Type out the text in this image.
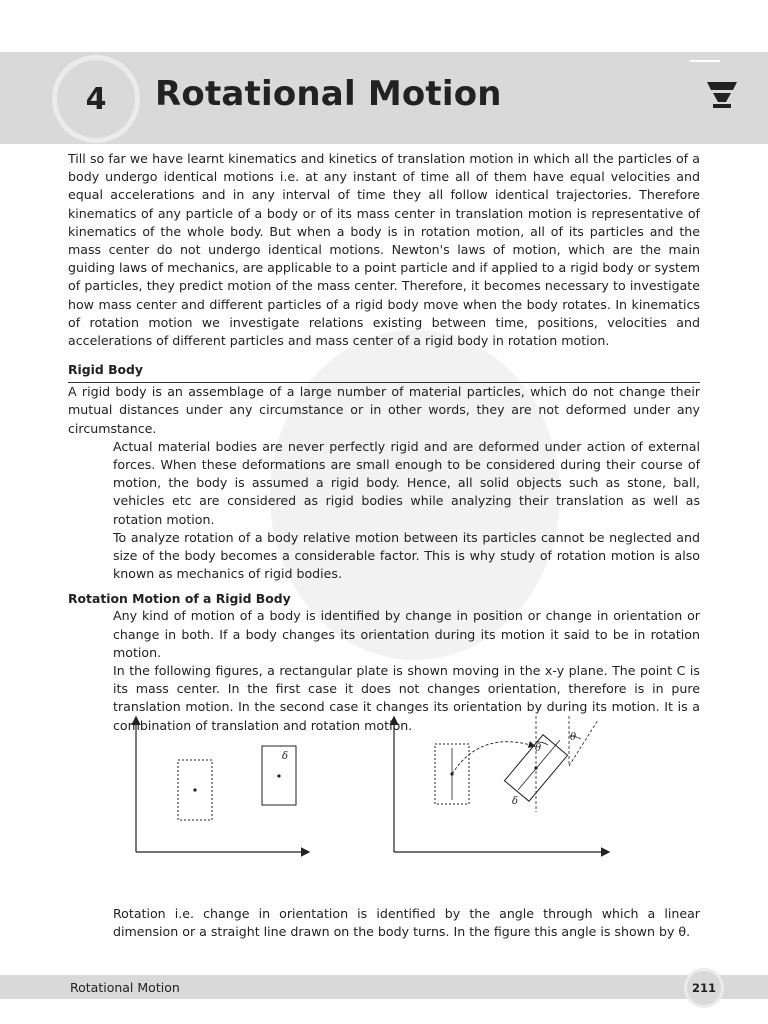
4 Rotational Motion

Till so far we have learnt kinematics and kinetics of translation motion in which all the particles of a body undergo identical motions i.e. at any instant of time all of them have equal velocities and equal accelerations and in any interval of time they all follow identical trajectories. Therefore kinematics of any particle of a body or of its mass center in translation motion is representative of kinematics of the whole body. But when a body is in rotation motion, all of its particles and the mass center do not undergo identical motions. Newton's laws of motion, which are the main guiding laws of mechanics, are applicable to a point particle and if applied to a rigid body or system of particles, they predict motion of the mass center. Therefore, it becomes necessary to investigate how mass center and different particles of a rigid body move when the body rotates. In kinematics of rotation motion we investigate relations existing between time, positions, velocities and accelerations of different particles and mass center of a rigid body in rotation motion.

Rigid Body

A rigid body is an assemblage of a large number of material particles, which do not change their mutual distances under any circumstance or in other words, they are not deformed under any circumstance.

Actual material bodies are never perfectly rigid and are deformed under action of external forces. When these deformations are small enough to be considered during their course of motion, the body is assumed a rigid body. Hence, all solid objects such as stone, ball, vehicles etc are considered as rigid bodies while analyzing their translation as well as rotation motion.

To analyze rotation of a body relative motion between its particles cannot be neglected and size of the body becomes a considerable factor. This is why study of rotation motion is also known as mechanics of rigid bodies.

Rotation Motion of a Rigid Body

Any kind of motion of a body is identified by change in position or change in orientation or change in both. If a body changes its orientation during its motion it said to be in rotation motion.

In the following figures, a rectangular plate is shown moving in the x-y plane. The point C is its mass center. In the first case it does not changes orientation, therefore is in pure translation motion. In the second case it changes its orientation by during its motion. It is a combination of translation and rotation motion.

δ
θ
θ
δ

Rotation i.e. change in orientation is identified by the angle through which a linear dimension or a straight line drawn on the body turns. In the figure this angle is shown by θ.

Rotational Motion	211
